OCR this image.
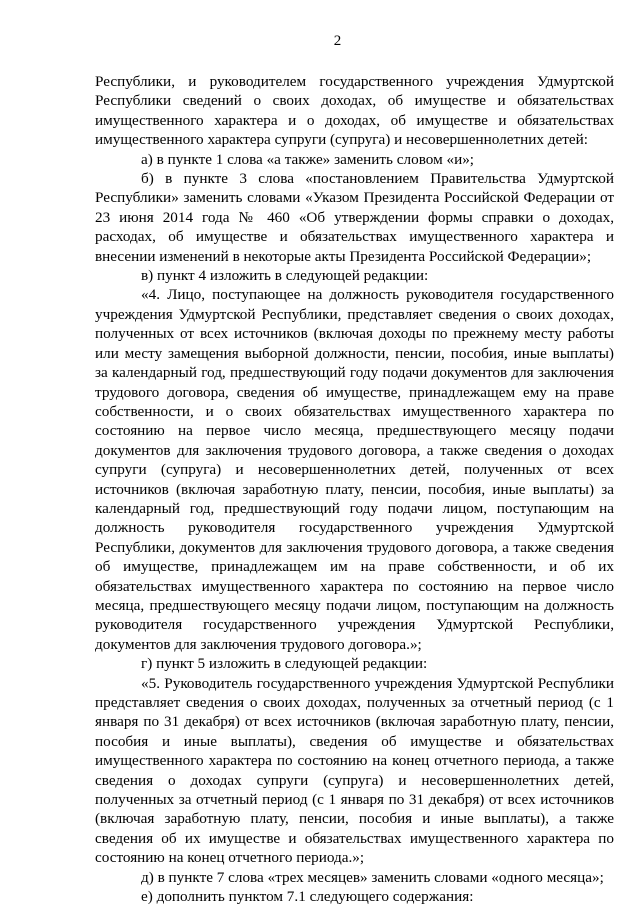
2

Республики, и руководителем государственного учреждения Удмуртской Республики сведений о своих доходах, об имуществе и обязательствах имущественного характера и о доходах, об имуществе и обязательствах имущественного характера супруги (супруга) и несовершеннолетних детей:

а) в пункте 1 слова «а также» заменить словом «и»;

б) в пункте 3 слова «постановлением Правительства Удмуртской Республики» заменить словами «Указом Президента Российской Федерации от 23 июня 2014 года № 460 «Об утверждении формы справки о доходах, расходах, об имуществе и обязательствах имущественного характера и внесении изменений в некоторые акты Президента Российской Федерации»;

в) пункт 4 изложить в следующей редакции:

«4. Лицо, поступающее на должность руководителя государственного учреждения Удмуртской Республики, представляет сведения о своих доходах, полученных от всех источников (включая доходы по прежнему месту работы или месту замещения выборной должности, пенсии, пособия, иные выплаты) за календарный год, предшествующий году подачи документов для заключения трудового договора, сведения об имуществе, принадлежащем ему на праве собственности, и о своих обязательствах имущественного характера по состоянию на первое число месяца, предшествующего месяцу подачи документов для заключения трудового договора, а также сведения о доходах супруги (супруга) и несовершеннолетних детей, полученных от всех источников (включая заработную плату, пенсии, пособия, иные выплаты) за календарный год, предшествующий году подачи лицом, поступающим на должность руководителя государственного учреждения Удмуртской Республики, документов для заключения трудового договора, а также сведения об имуществе, принадлежащем им на праве собственности, и об их обязательствах имущественного характера по состоянию на первое число месяца, предшествующего месяцу подачи лицом, поступающим на должность руководителя государственного учреждения Удмуртской Республики, документов для заключения трудового договора.»;

г) пункт 5 изложить в следующей редакции:

«5. Руководитель государственного учреждения Удмуртской Республики представляет сведения о своих доходах, полученных за отчетный период (с 1 января по 31 декабря) от всех источников (включая заработную плату, пенсии, пособия и иные выплаты), сведения об имуществе и обязательствах имущественного характера по состоянию на конец отчетного периода, а также сведения о доходах супруги (супруга) и несовершеннолетних детей, полученных за отчетный период (с 1 января по 31 декабря) от всех источников (включая заработную плату, пенсии, пособия и иные выплаты), а также сведения об их имуществе и обязательствах имущественного характера по состоянию на конец отчетного периода.»;

д) в пункте 7 слова «трех месяцев» заменить словами «одного месяца»;

е) дополнить пунктом 7.1 следующего содержания:
